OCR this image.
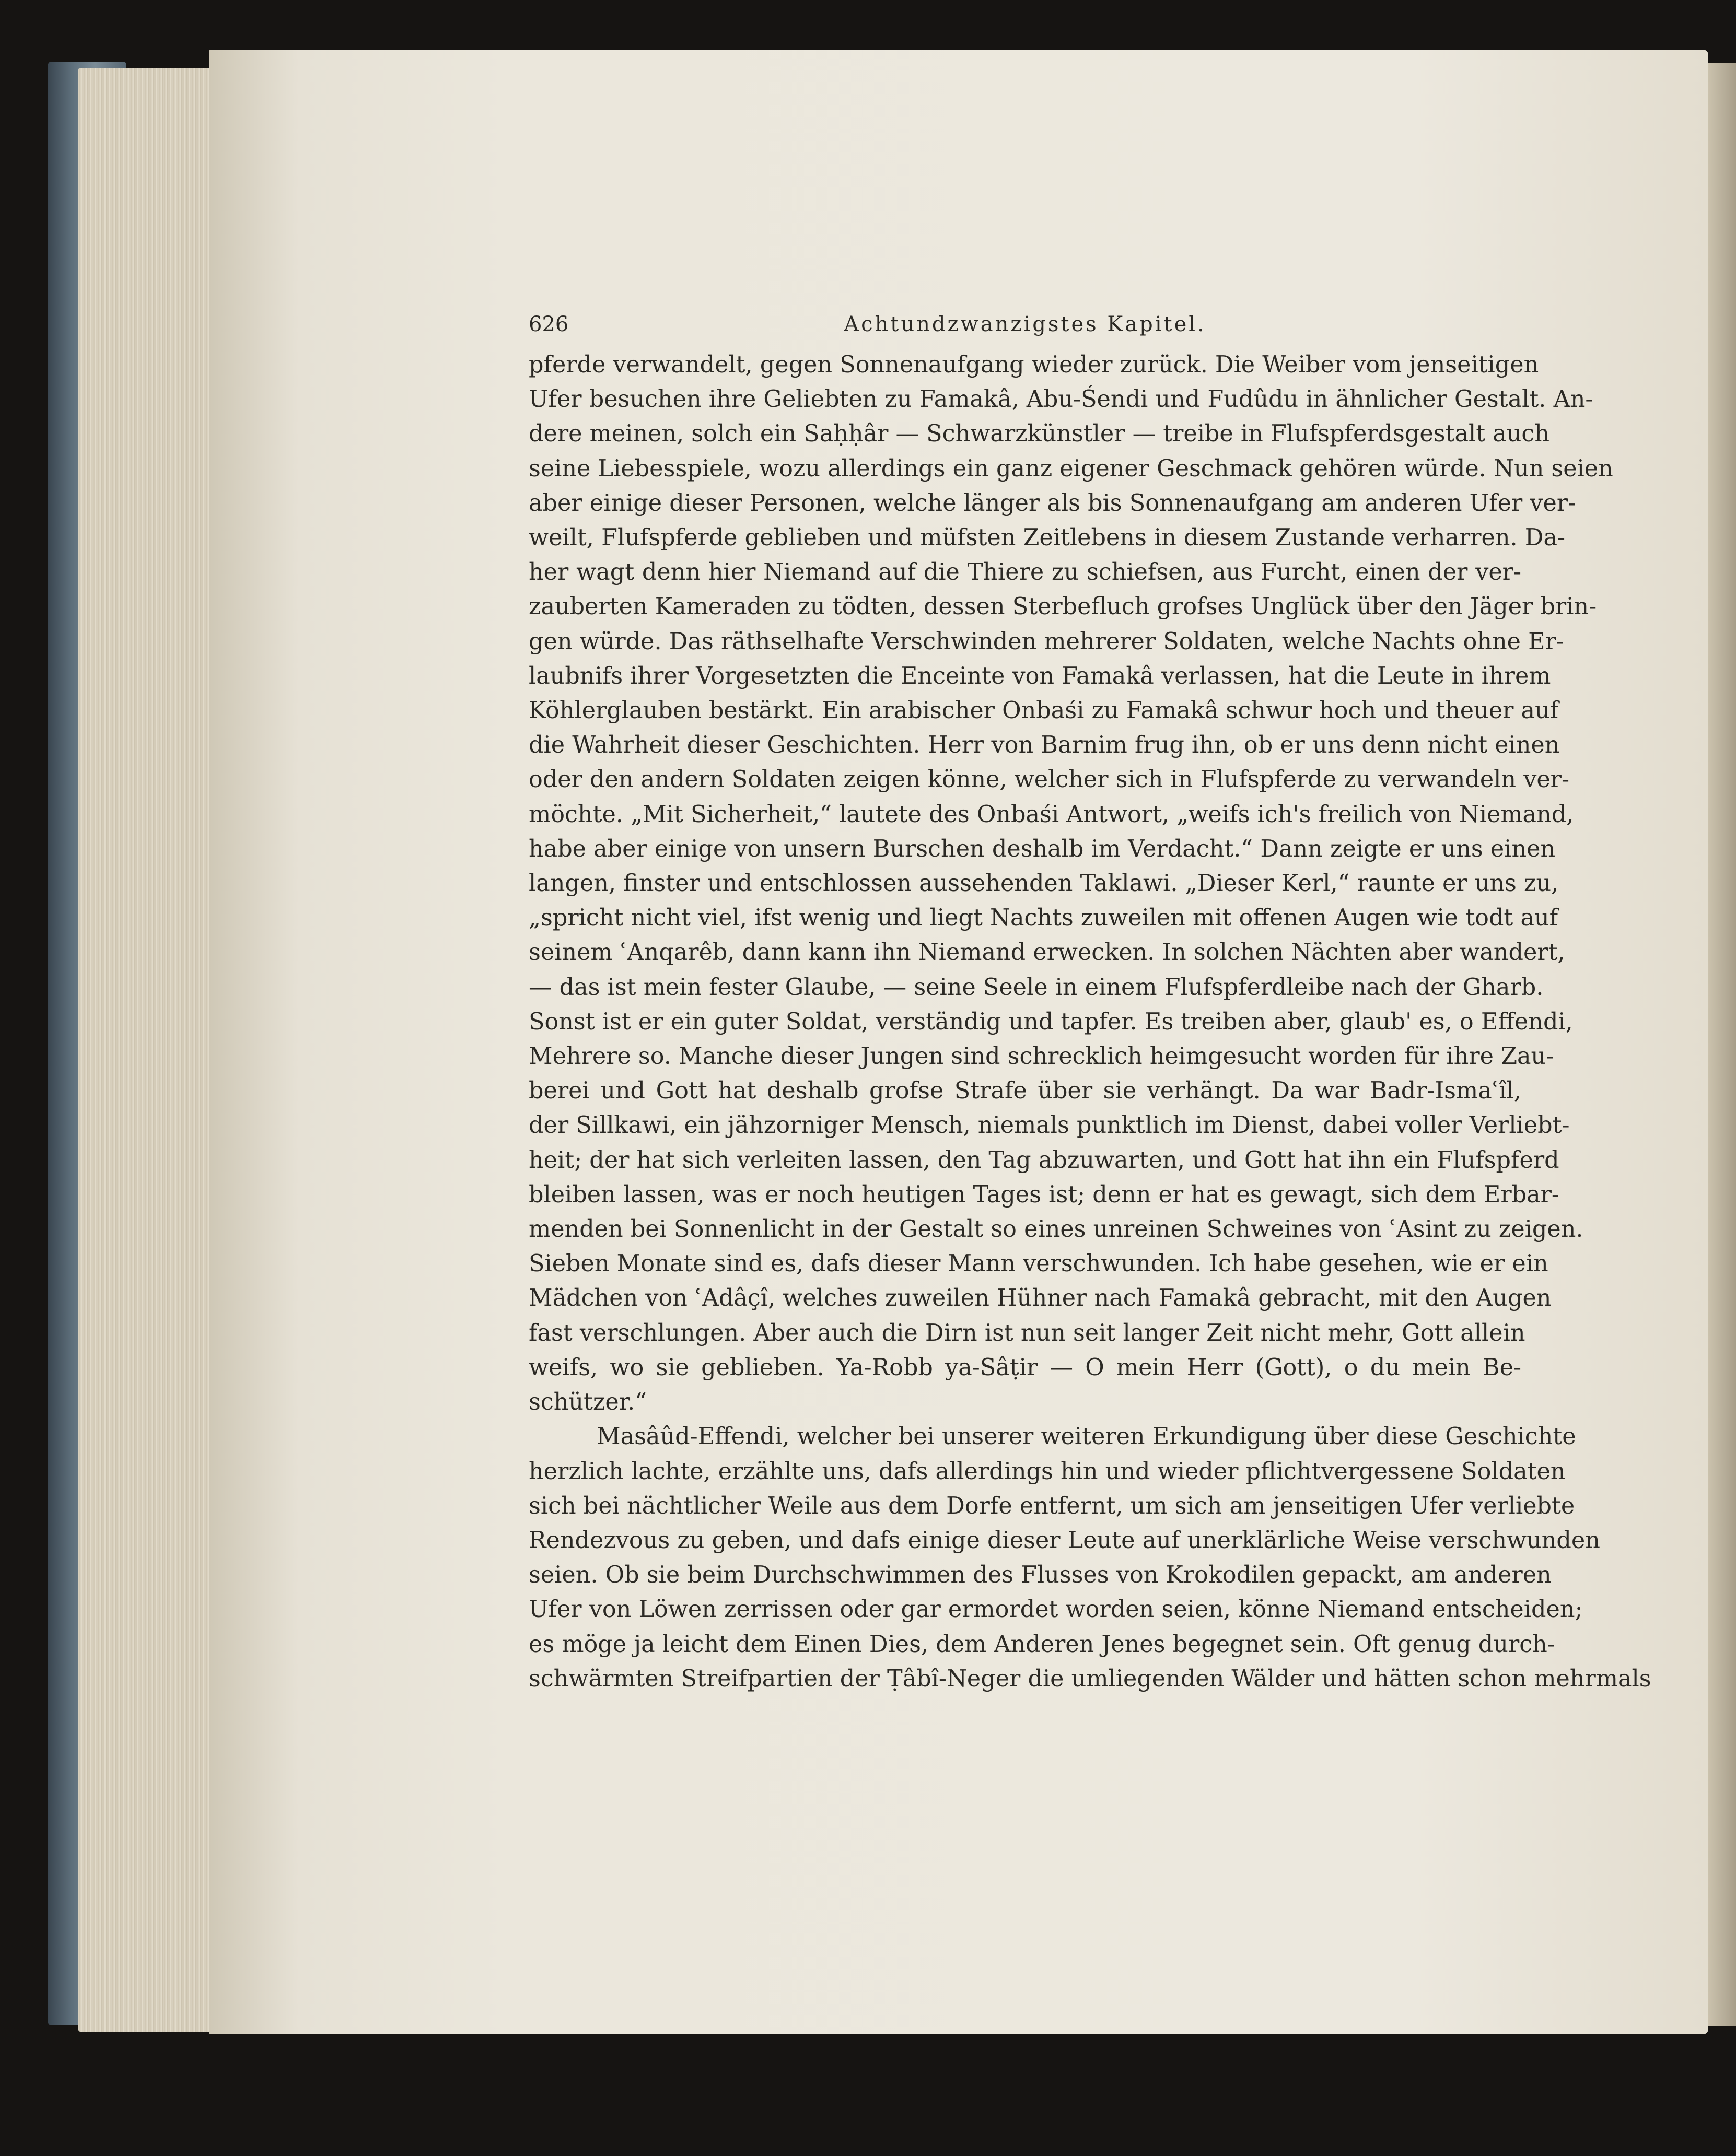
626	Achtundzwanzigstes Kapitel.

pferde verwandelt, gegen Sonnenaufgang wieder zurück. Die Weiber vom jenseitigen
Ufer besuchen ihre Geliebten zu Famakâ, Abu-Śendi und Fudûdu in ähnlicher Gestalt. An-
dere meinen, solch ein Saḥḥâr — Schwarzkünstler — treibe in Flufspferdsgestalt auch
seine Liebesspiele, wozu allerdings ein ganz eigener Geschmack gehören würde. Nun seien
aber einige dieser Personen, welche länger als bis Sonnenaufgang am anderen Ufer ver-
weilt, Flufspferde geblieben und müfsten Zeitlebens in diesem Zustande verharren. Da-
her wagt denn hier Niemand auf die Thiere zu schiefsen, aus Furcht, einen der ver-
zauberten Kameraden zu tödten, dessen Sterbefluch grofses Unglück über den Jäger brin-
gen würde. Das räthselhafte Verschwinden mehrerer Soldaten, welche Nachts ohne Er-
laubnifs ihrer Vorgesetzten die Enceinte von Famakâ verlassen, hat die Leute in ihrem
Köhlerglauben bestärkt. Ein arabischer Onbaśi zu Famakâ schwur hoch und theuer auf
die Wahrheit dieser Geschichten. Herr von Barnim frug ihn, ob er uns denn nicht einen
oder den andern Soldaten zeigen könne, welcher sich in Flufspferde zu verwandeln ver-
möchte. „Mit Sicherheit,“ lautete des Onbaśi Antwort, „weifs ich's freilich von Niemand,
habe aber einige von unsern Burschen deshalb im Verdacht.“ Dann zeigte er uns einen
langen, finster und entschlossen aussehenden Taklawi. „Dieser Kerl,“ raunte er uns zu,
„spricht nicht viel, ifst wenig und liegt Nachts zuweilen mit offenen Augen wie todt auf
seinem ʿAnqarêb, dann kann ihn Niemand erwecken. In solchen Nächten aber wandert,
— das ist mein fester Glaube, — seine Seele in einem Flufspferdleibe nach der Gharb.
Sonst ist er ein guter Soldat, verständig und tapfer. Es treiben aber, glaub' es, o Effendi,
Mehrere so. Manche dieser Jungen sind schrecklich heimgesucht worden für ihre Zau-
berei und Gott hat deshalb grofse Strafe über sie verhängt. Da war Badr-Ismaʿîl,
der Sillkawi, ein jähzorniger Mensch, niemals punktlich im Dienst, dabei voller Verliebt-
heit; der hat sich verleiten lassen, den Tag abzuwarten, und Gott hat ihn ein Flufspferd
bleiben lassen, was er noch heutigen Tages ist; denn er hat es gewagt, sich dem Erbar-
menden bei Sonnenlicht in der Gestalt so eines unreinen Schweines von ʿAsint zu zeigen.
Sieben Monate sind es, dafs dieser Mann verschwunden. Ich habe gesehen, wie er ein
Mädchen von ʿAdâçî, welches zuweilen Hühner nach Famakâ gebracht, mit den Augen
fast verschlungen. Aber auch die Dirn ist nun seit langer Zeit nicht mehr, Gott allein
weifs, wo sie geblieben. Ya-Robb ya-Sâṭir — O mein Herr (Gott), o du mein Be-
schützer.“

Masâûd-Effendi, welcher bei unserer weiteren Erkundigung über diese Geschichte
herzlich lachte, erzählte uns, dafs allerdings hin und wieder pflichtvergessene Soldaten
sich bei nächtlicher Weile aus dem Dorfe entfernt, um sich am jenseitigen Ufer verliebte
Rendezvous zu geben, und dafs einige dieser Leute auf unerklärliche Weise verschwunden
seien. Ob sie beim Durchschwimmen des Flusses von Krokodilen gepackt, am anderen
Ufer von Löwen zerrissen oder gar ermordet worden seien, könne Niemand entscheiden;
es möge ja leicht dem Einen Dies, dem Anderen Jenes begegnet sein. Oft genug durch-
schwärmten Streifpartien der Ṭâbî-Neger die umliegenden Wälder und hätten schon mehrmals
